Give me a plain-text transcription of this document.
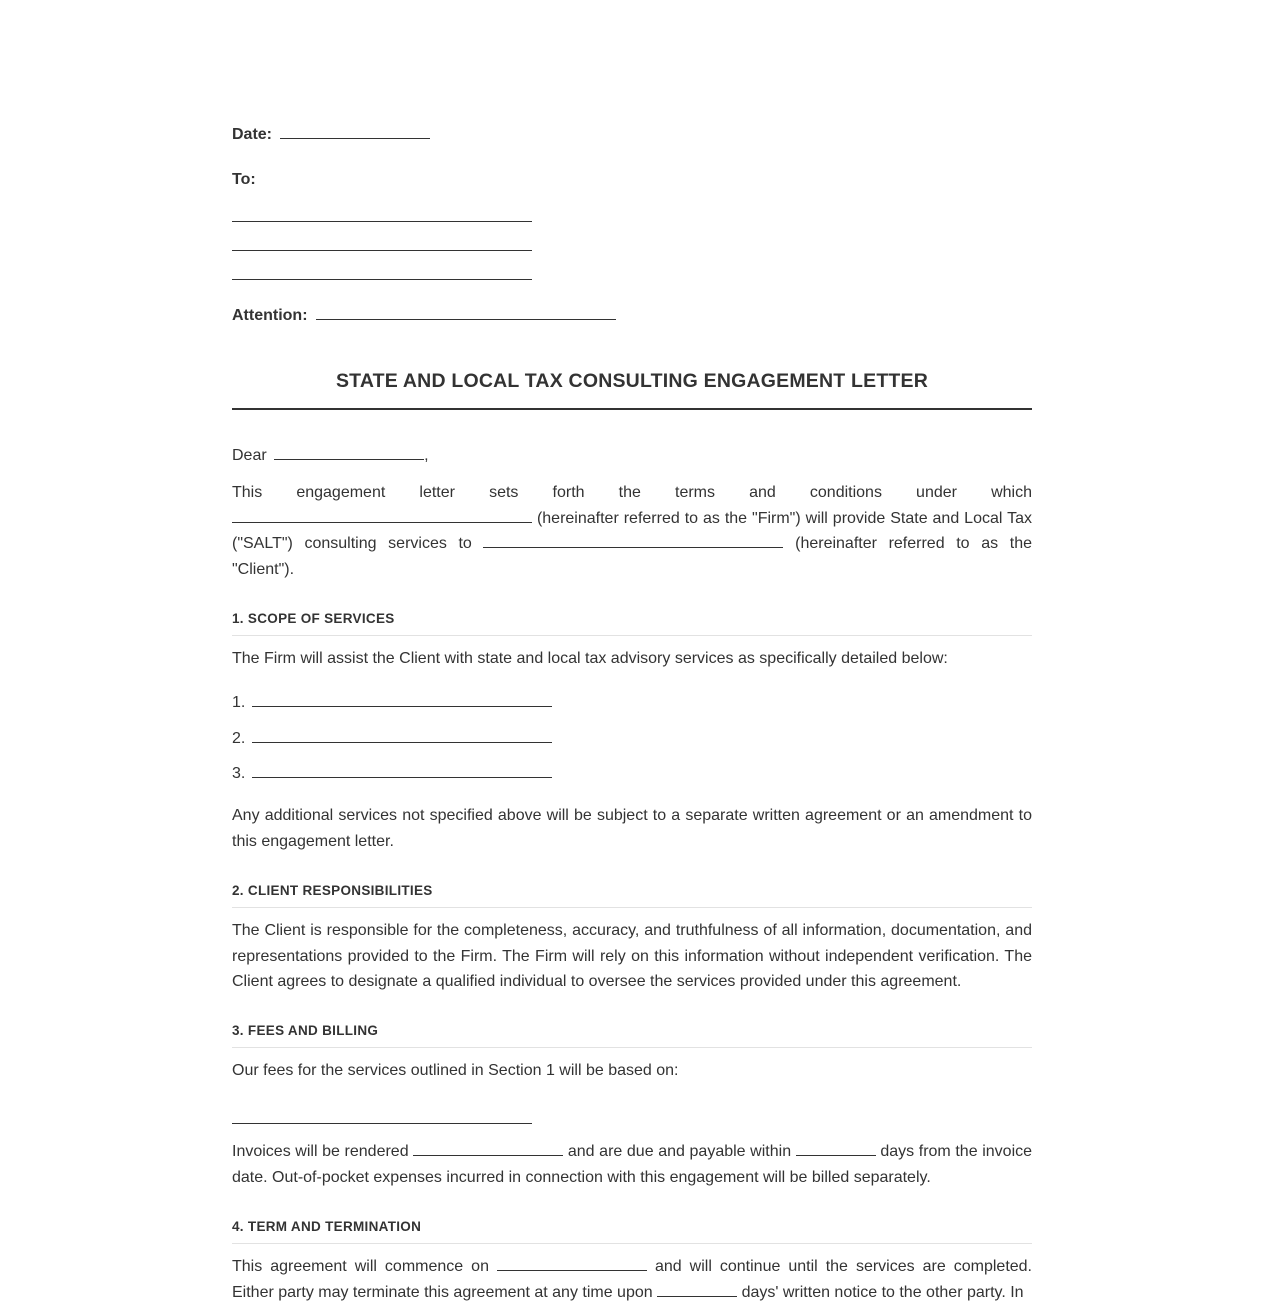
Date:
To:
Attention:
STATE AND LOCAL TAX CONSULTING ENGAGEMENT LETTER
Dear	,
This engagement letter sets forth the terms and conditions under which  (hereinafter referred to as the "Firm") will provide State and Local Tax ("SALT") consulting services to	(hereinafter referred to as the "Client").
1. SCOPE OF SERVICES
The Firm will assist the Client with state and local tax advisory services as specifically detailed below:
1.
2.
3.
Any additional services not specified above will be subject to a separate written agreement or an amendment to this engagement letter.
2. CLIENT RESPONSIBILITIES
The Client is responsible for the completeness, accuracy, and truthfulness of all information, documentation, and representations provided to the Firm. The Firm will rely on this information without independent verification. The Client agrees to designate a qualified individual to oversee the services provided under this agreement.
3. FEES AND BILLING
Our fees for the services outlined in Section 1 will be based on:
Invoices will be rendered	and are due and payable within	days from the invoice date. Out-of-pocket expenses incurred in connection with this engagement will be billed separately.
4. TERM AND TERMINATION
This agreement will commence on	and will continue until the services are completed. Either party may terminate this agreement at any time upon	days' written notice to the other party. In
